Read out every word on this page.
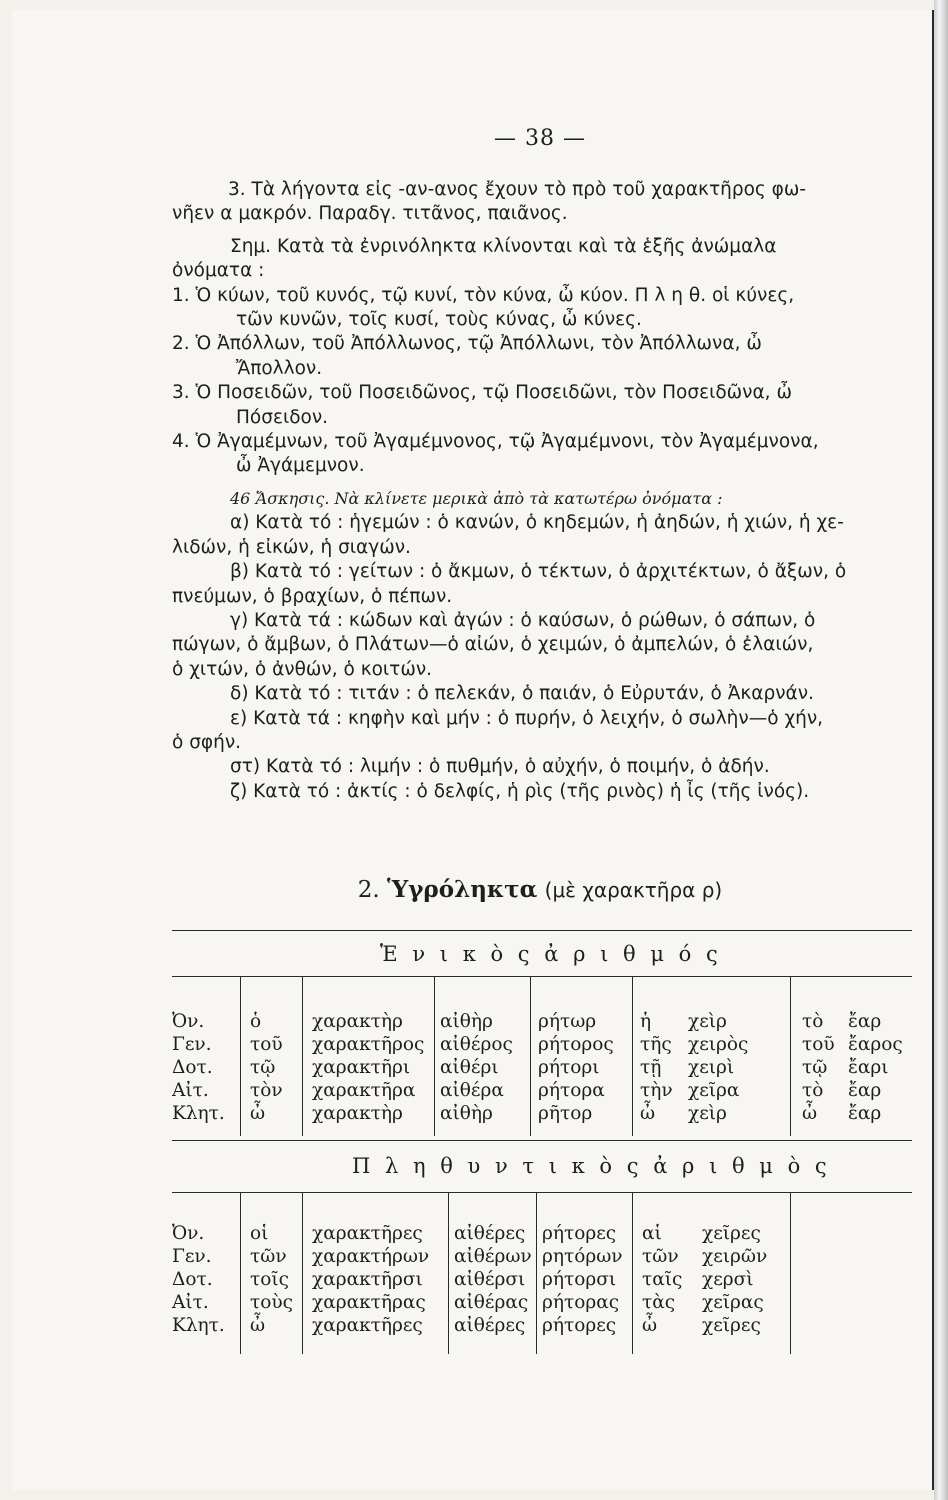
— 38 —
3. Τὰ λήγοντα εἰς -αν-ανος ἔχουν τὸ πρὸ τοῦ χαρακτῆρος φω-
νῆεν α μακρόν. Παραδγ. τιτᾶνος, παιᾶνος.
Σημ. Κατὰ τὰ ἐνρινόληκτα κλίνονται καὶ τὰ ἑξῆς ἀνώμαλα
ὀνόματα :
1. Ὁ κύων, τοῦ κυνός, τῷ κυνί, τὸν κύνα, ὦ κύον. Π λ η θ. οἱ κύνες,
τῶν κυνῶν, τοῖς κυσί, τοὺς κύνας, ὦ κύνες.
2. Ὁ Ἀπόλλων, τοῦ Ἀπόλλωνος, τῷ Ἀπόλλωνι, τὸν Ἀπόλλωνα, ὦ
Ἄπολλον.
3. Ὁ Ποσειδῶν, τοῦ Ποσειδῶνος, τῷ Ποσειδῶνι, τὸν Ποσειδῶνα, ὦ
Πόσειδον.
4. Ὁ Ἀγαμέμνων, τοῦ Ἀγαμέμνονος, τῷ Ἀγαμέμνονι, τὸν Ἀγαμέμνονα,
ὦ Ἀγάμεμνον.
46 Ἄσκησις. Νὰ κλίνετε μερικὰ ἀπὸ τὰ κατωτέρω ὀνόματα :
α) Κατὰ τό : ἡγεμών : ὁ κανών, ὁ κηδεμών, ἡ ἀηδών, ἡ χιών, ἡ χε-
λιδών, ἡ εἰκών, ἡ σιαγών.
β) Κατὰ τό : γείτων : ὁ ἄκμων, ὁ τέκτων, ὁ ἀρχιτέκτων, ὁ ἄξων, ὁ
πνεύμων, ὁ βραχίων, ὁ πέπων.
γ) Κατὰ τά : κώδων καὶ ἀγών : ὁ καύσων, ὁ ρώθων, ὁ σάπων, ὁ
πώγων, ὁ ἄμβων, ὁ Πλάτων—ὁ αἰών, ὁ χειμών, ὁ ἀμπελών, ὁ ἐλαιών,
ὁ χιτών, ὁ ἀνθών, ὁ κοιτών.
δ) Κατὰ τό : τιτάν : ὁ πελεκάν, ὁ παιάν, ὁ Εὐρυτάν, ὁ Ἀκαρνάν.
ε) Κατὰ τά : κηφὴν καὶ μήν : ὁ πυρήν, ὁ λειχήν, ὁ σωλὴν—ὁ χήν,
ὁ σφήν.
στ) Κατὰ τό : λιμήν : ὁ πυθμήν, ὁ αὐχήν, ὁ ποιμήν, ὁ ἀδήν.
ζ) Κατὰ τό : ἀκτίς : ὁ δελφίς, ἡ ρὶς (τῆς ρινὸς) ἡ ἶς (τῆς ἰνός).
2. Ὑγρόληκτα (μὲ χαρακτῆρα ρ)
Ἑ ν ι κ ὸ ς ἀ ρ ι θ μ ό ς
Ὀν.
Γεν.
Δοτ.
Αἰτ.
Κλητ.
ὁ
τοῦ
τῷ
τὸν
ὦ
χαρακτὴρ
χαρακτῆρος
χαρακτῆρι
χαρακτῆρα
χαρακτὴρ
αἰθὴρ
αἰθέρος
αἰθέρι
αἰθέρα
αἰθὴρ
ρήτωρ
ρήτορος
ρήτορι
ρήτορα
ρῆτορ
ἡ
τῆς
τῇ
τὴν
ὦ
χεὶρ
χειρὸς
χειρὶ
χεῖρα
χεὶρ
τὸ
τοῦ
τῷ
τὸ
ὦ
ἔαρ
ἔαρος
ἔαρι
ἔαρ
ἔαρ
Π λ η θ υ ν τ ι κ ὸ ς ἀ ρ ι θ μ ὸ ς
Ὀν.
Γεν.
Δοτ.
Αἰτ.
Κλητ.
οἱ
τῶν
τοῖς
τοὺς
ὦ
χαρακτῆρες
χαρακτήρων
χαρακτῆρσι
χαρακτῆρας
χαρακτῆρες
αἰθέρες
αἰθέρων
αἰθέρσι
αἰθέρας
αἰθέρες
ρήτορες
ρητόρων
ρήτορσι
ρήτορας
ρήτορες
αἱ
τῶν
ταῖς
τὰς
ὦ
χεῖρες
χειρῶν
χερσὶ
χεῖρας
χεῖρες
